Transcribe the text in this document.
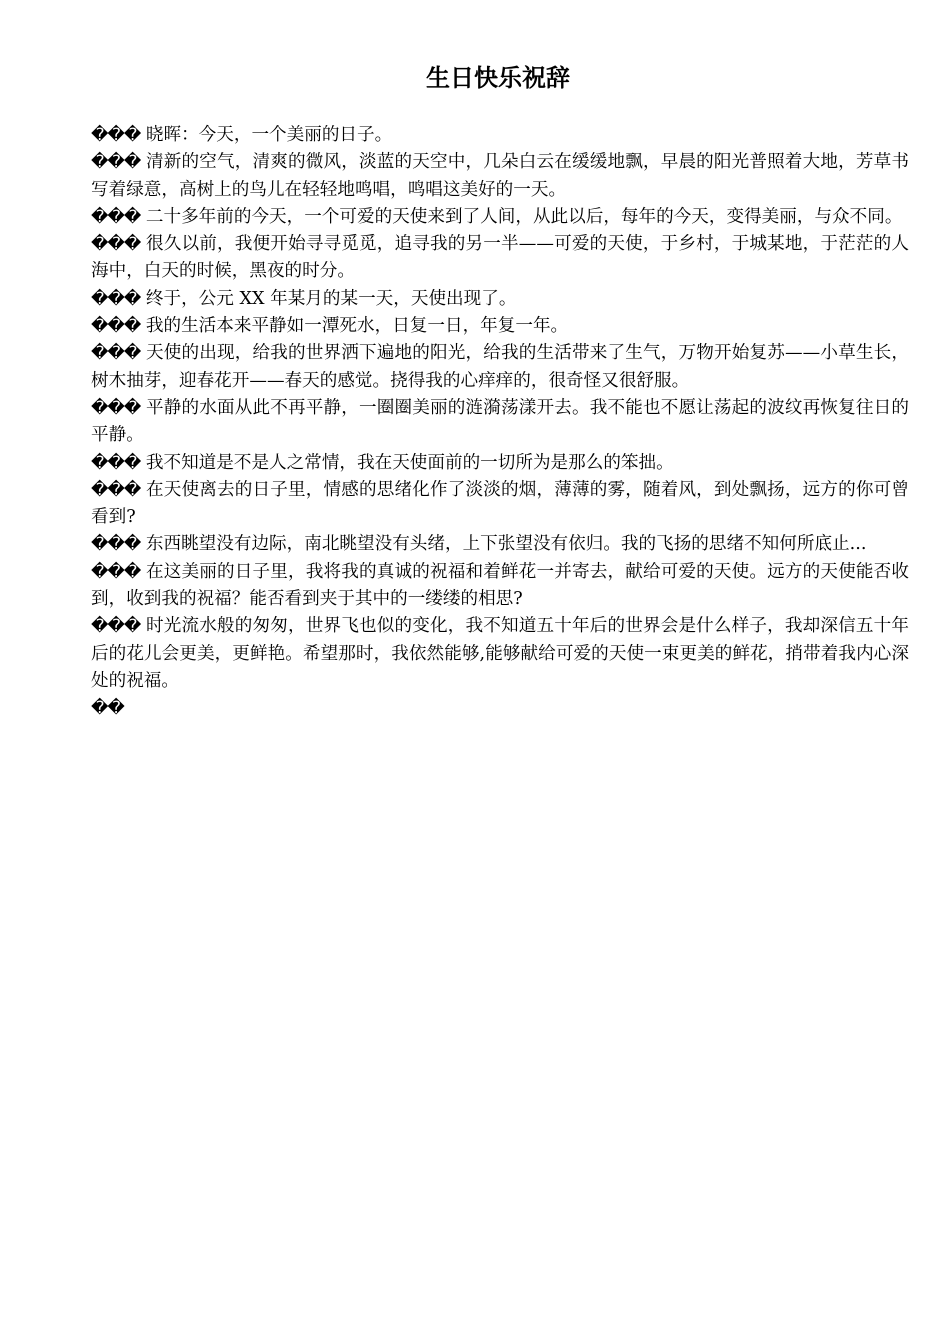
生日快乐祝辞

��� 晓晖：今天，一个美丽的日子。

��� 清新的空气，清爽的微风，淡蓝的天空中，几朵白云在缓缓地飘，早晨的阳光普照着大地，芳草书写着绿意，高树上的鸟儿在轻轻地鸣唱，鸣唱这美好的一天。

��� 二十多年前的今天，一个可爱的天使来到了人间，从此以后，每年的今天，变得美丽，与众不同。

��� 很久以前，我便开始寻寻觅觅，追寻我的另一半——可爱的天使，于乡村，于城某地，于茫茫的人海中，白天的时候，黑夜的时分。

��� 终于，公元 XX 年某月的某一天，天使出现了。

��� 我的生活本来平静如一潭死水，日复一日，年复一年。

��� 天使的出现，给我的世界洒下遍地的阳光，给我的生活带来了生气，万物开始复苏——小草生长，树木抽芽，迎春花开——春天的感觉。挠得我的心痒痒的，很奇怪又很舒服。

��� 平静的水面从此不再平静，一圈圈美丽的涟漪荡漾开去。我不能也不愿让荡起的波纹再恢复往日的平静。

��� 我不知道是不是人之常情，我在天使面前的一切所为是那么的笨拙。

��� 在天使离去的日子里，情感的思绪化作了淡淡的烟，薄薄的雾，随着风，到处飘扬，远方的你可曾看到?

��� 东西眺望没有边际，南北眺望没有头绪，上下张望没有依归。我的飞扬的思绪不知何所底止...

��� 在这美丽的日子里，我将我的真诚的祝福和着鲜花一并寄去，献给可爱的天使。远方的天使能否收到，收到我的祝福？能否看到夹于其中的一缕缕的相思?

��� 时光流水般的匆匆，世界飞也似的变化，我不知道五十年后的世界会是什么样子，我却深信五十年后的花儿会更美，更鲜艳。希望那时，我依然能够,能够献给可爱的天使一束更美的鲜花，捎带着我内心深处的祝福。

��
